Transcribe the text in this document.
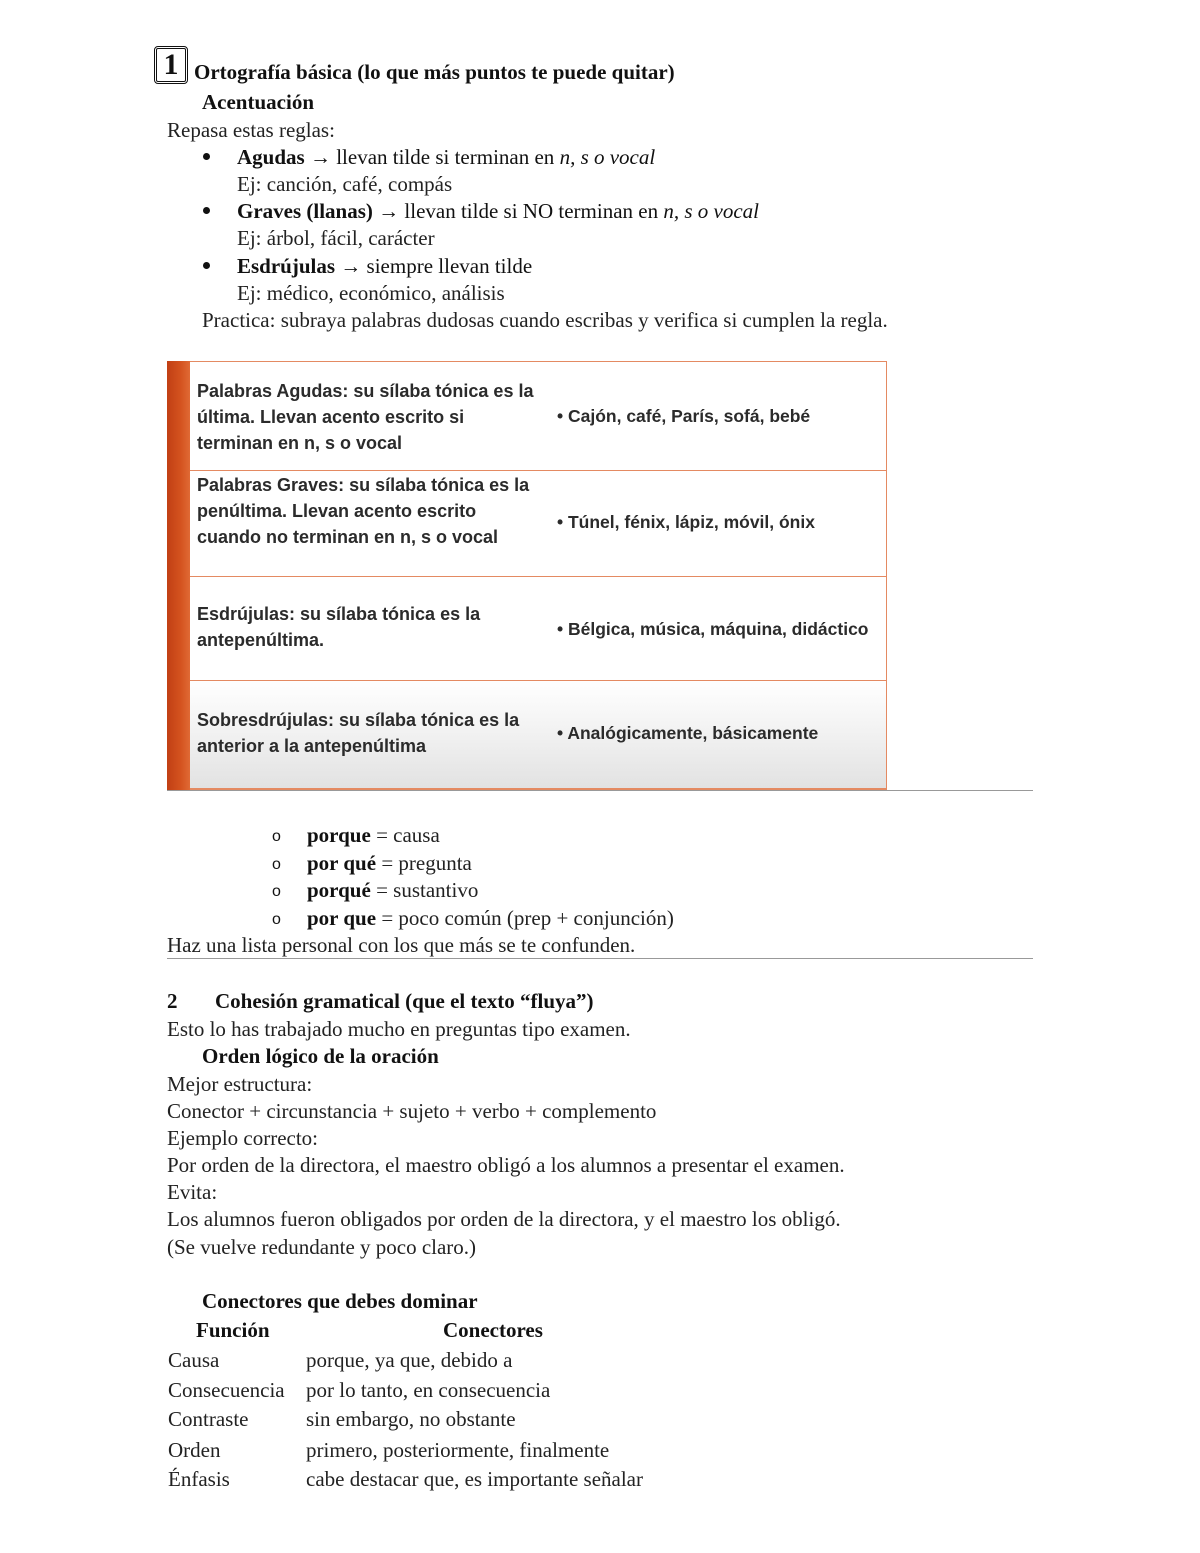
1 Ortografía básica (lo que más puntos te puede quitar)
Acentuación
Repasa estas reglas:
Agudas → llevan tilde si terminan en n, s o vocal
Ej: canción, café, compás
Graves (llanas) → llevan tilde si NO terminan en n, s o vocal
Ej: árbol, fácil, carácter
Esdrújulas → siempre llevan tilde
Ej: médico, económico, análisis
Practica: subraya palabras dudosas cuando escribas y verifica si cumplen la regla.
Palabras Agudas: su sílaba tónica es la última. Llevan acento escrito si terminan en n, s o vocal
• Cajón, café, París, sofá, bebé
Palabras Graves: su sílaba tónica es la penúltima. Llevan acento escrito cuando no terminan en n, s o vocal
• Túnel, fénix, lápiz, móvil, ónix
Esdrújulas: su sílaba tónica es la antepenúltima.
• Bélgica, música, máquina, didáctico
Sobresdrújulas: su sílaba tónica es la anterior a la antepenúltima
• Analógicamente, básicamente
o porque = causa
o por qué = pregunta
o porqué = sustantivo
o por que = poco común (prep + conjunción)
Haz una lista personal con los que más se te confunden.
2 Cohesión gramatical (que el texto “fluya”)
Esto lo has trabajado mucho en preguntas tipo examen.
Orden lógico de la oración
Mejor estructura:
Conector + circunstancia + sujeto + verbo + complemento
Ejemplo correcto:
Por orden de la directora, el maestro obligó a los alumnos a presentar el examen.
Evita:
Los alumnos fueron obligados por orden de la directora, y el maestro los obligó.
(Se vuelve redundante y poco claro.)
Conectores que debes dominar
Función	Conectores
Causa	porque, ya que, debido a
Consecuencia por lo tanto, en consecuencia
Contraste	sin embargo, no obstante
Orden	primero, posteriormente, finalmente
Énfasis	cabe destacar que, es importante señalar
